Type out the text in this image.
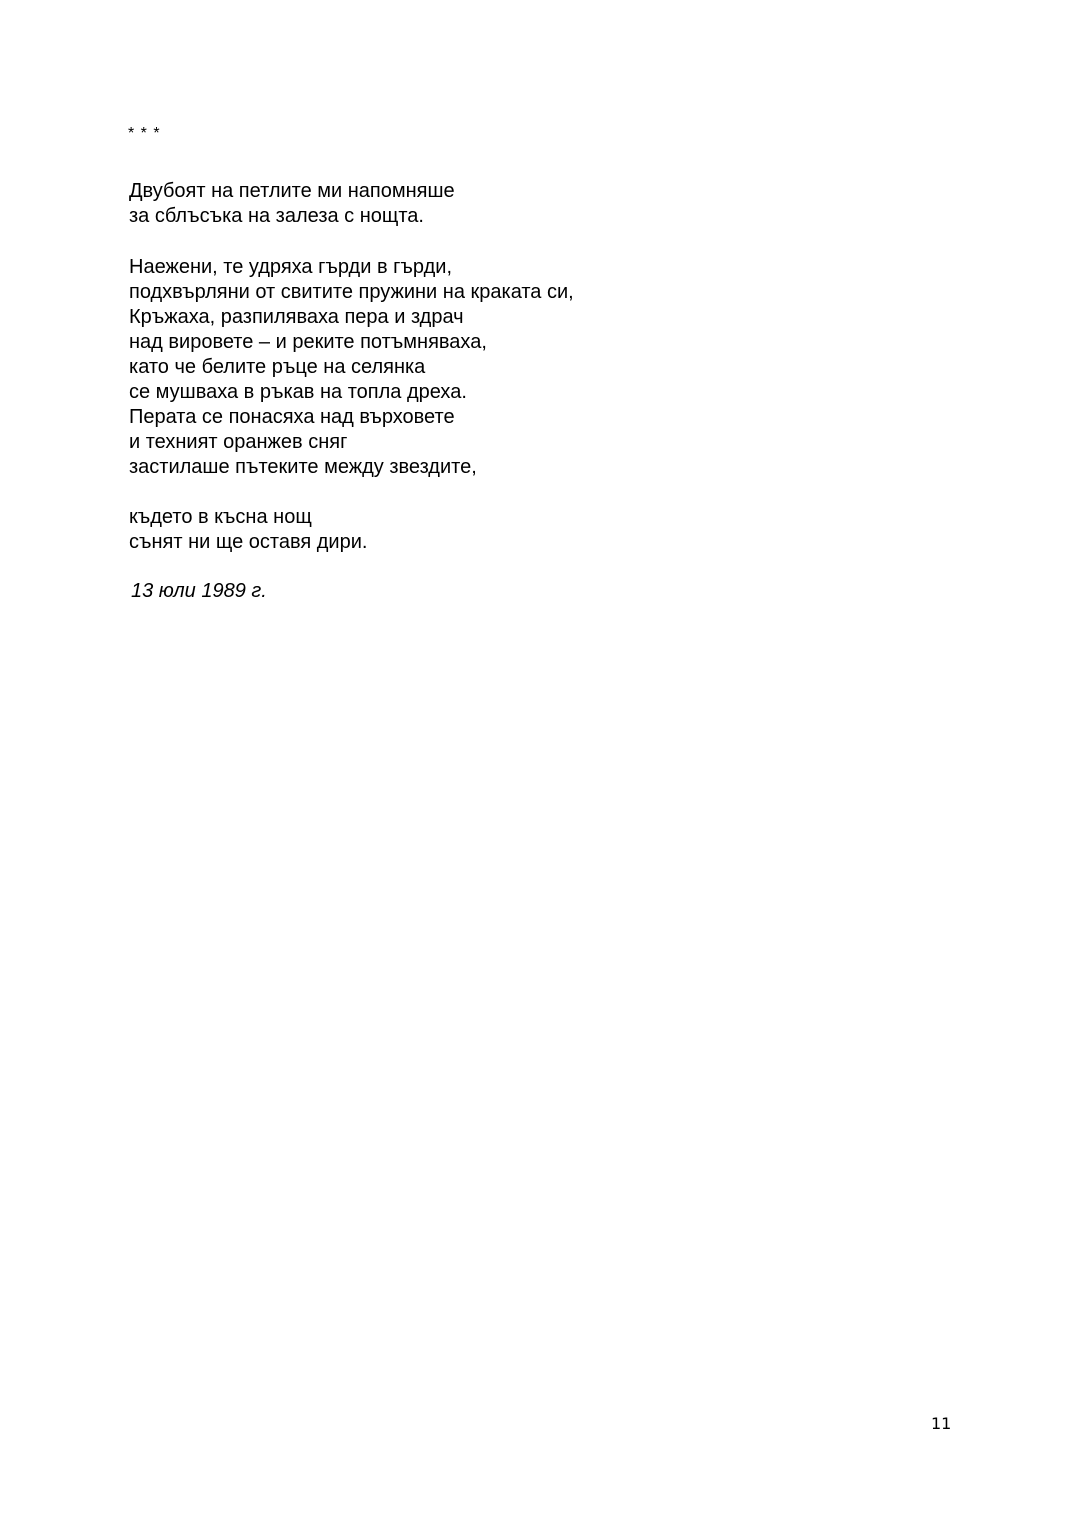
* * *
Двубоят на петлите ми напомняше
за сблъсъка на залеза с нощта.
Наежени, те удряха гърди в гърди,
подхвърляни от свитите пружини на краката си,
Кръжаха, разпиляваха пера и здрач
над вировете – и реките потъмняваха,
като че белите ръце на селянка
се мушваха в ръкав на топла дреха.
Перата се понасяха над върховете
и техният оранжев сняг
застилаше пътеките между звездите,
където в късна нощ
сънят ни ще оставя дири.
13 юли 1989 г.
11
